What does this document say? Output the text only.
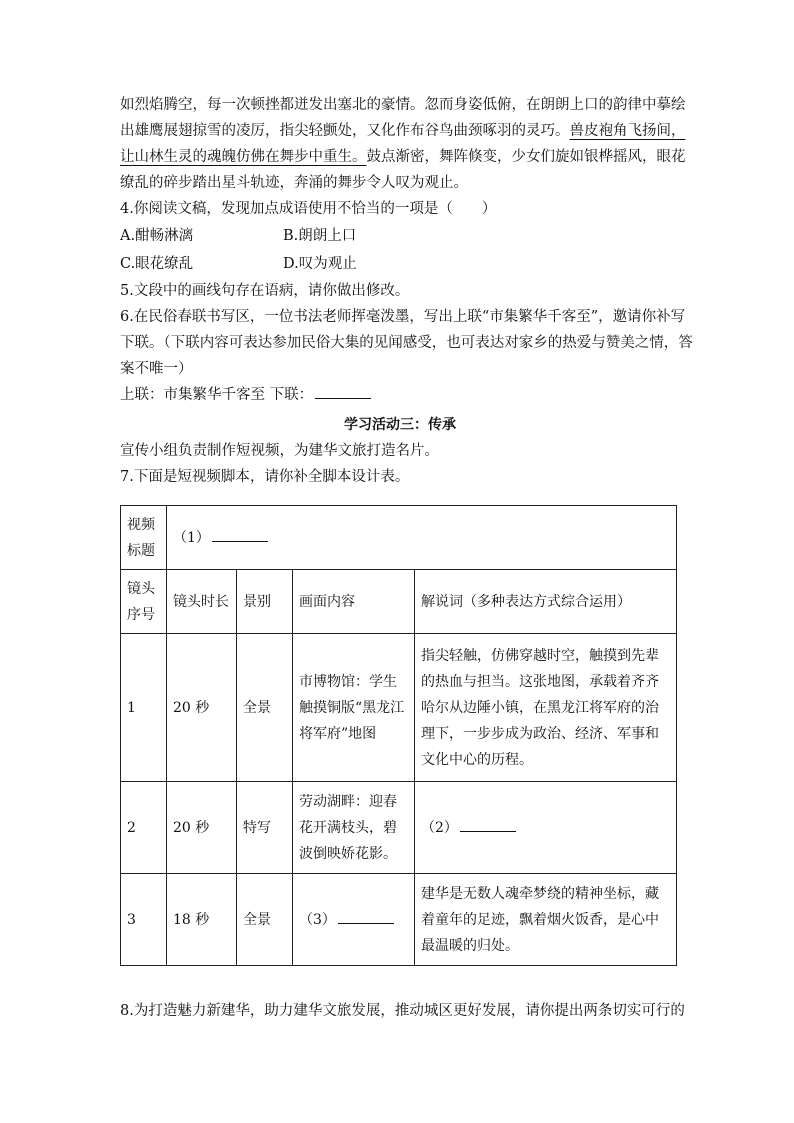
如烈焰腾空，每一次顿挫都迸发出塞北的豪情。忽而身姿低俯，在朗朗上口的韵律中摹绘
出雄鹰展翅掠雪的凌厉，指尖轻颤处，又化作布谷鸟曲颈啄羽的灵巧。兽皮袍角飞扬间，
让山林生灵的魂魄仿佛在舞步中重生。鼓点渐密，舞阵倏变，少女们旋如银桦摇风，眼花
缭乱的碎步踏出星斗轨迹，奔涌的舞步令人叹为观止。
4.你阅读文稿，发现加点成语使用不恰当的一项是（　　）
A.酣畅淋漓	B.朗朗上口
C.眼花缭乱	D.叹为观止
5.文段中的画线句存在语病，请你做出修改。
6.在民俗春联书写区，一位书法老师挥毫泼墨，写出上联“市集繁华千客至”，邀请你补写
下联。（下联内容可表达参加民俗大集的见闻感受，也可表达对家乡的热爱与赞美之情，答
案不唯一）
上联：市集繁华千客至 下联：
学习活动三：传承
宣传小组负责制作短视频，为建华文旅打造名片。
7.下面是短视频脚本，请你补全脚本设计表。
视频标题	（1）			
镜头序号	镜头时长	景别	画面内容	解说词（多种表达方式综合运用）
1	20 秒	全景	市博物馆：学生触摸铜版“黑龙江将军府”地图	指尖轻触，仿佛穿越时空，触摸到先辈的热血与担当。这张地图，承载着齐齐哈尔从边陲小镇，在黑龙江将军府的治理下，一步步成为政治、经济、军事和文化中心的历程。
2	20 秒	特写	劳动湖畔：迎春花开满枝头，碧波倒映娇花影。	（2）
3	18 秒	全景	（3）	建华是无数人魂牵梦绕的精神坐标，藏着童年的足迹，飘着烟火饭香，是心中最温暖的归处。
8.为打造魅力新建华，助力建华文旅发展，推动城区更好发展，请你提出两条切实可行的
